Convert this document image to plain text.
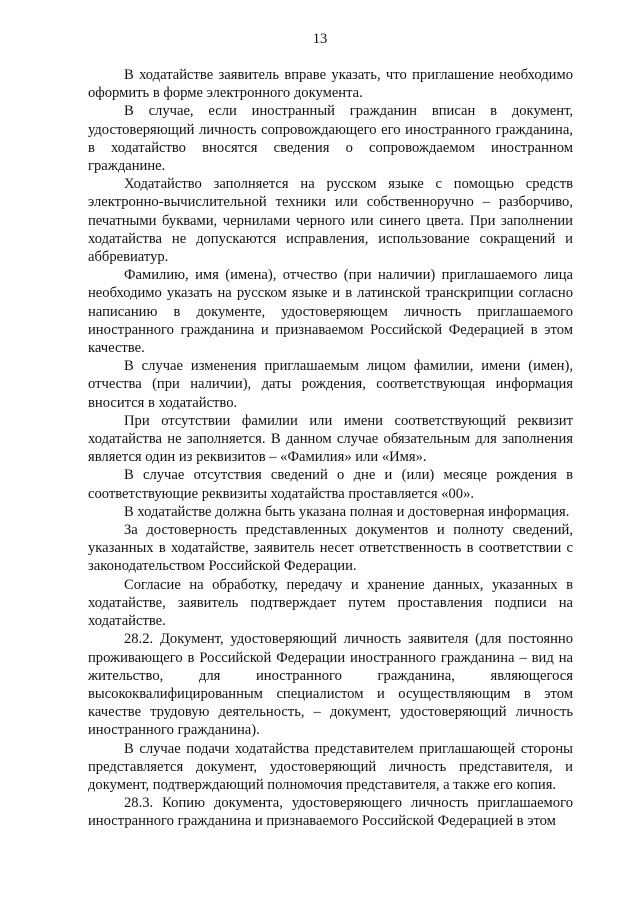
13

В ходатайстве заявитель вправе указать, что приглашение необходимо оформить в форме электронного документа.

В случае, если иностранный гражданин вписан в документ, удостоверяющий личность сопровождающего его иностранного гражданина, в ходатайство вносятся сведения о сопровождаемом иностранном гражданине.

Ходатайство заполняется на русском языке с помощью средств электронно-вычислительной техники или собственноручно – разборчиво, печатными буквами, чернилами черного или синего цвета. При заполнении ходатайства не допускаются исправления, использование сокращений и аббревиатур.

Фамилию, имя (имена), отчество (при наличии) приглашаемого лица необходимо указать на русском языке и в латинской транскрипции согласно написанию в документе, удостоверяющем личность приглашаемого иностранного гражданина и признаваемом Российской Федерацией в этом качестве.

В случае изменения приглашаемым лицом фамилии, имени (имен), отчества (при наличии), даты рождения, соответствующая информация вносится в ходатайство.

При отсутствии фамилии или имени соответствующий реквизит ходатайства не заполняется. В данном случае обязательным для заполнения является один из реквизитов – «Фамилия» или «Имя».

В случае отсутствия сведений о дне и (или) месяце рождения в соответствующие реквизиты ходатайства проставляется «00».

В ходатайстве должна быть указана полная и достоверная информация.

За достоверность представленных документов и полноту сведений, указанных в ходатайстве, заявитель несет ответственность в соответствии с законодательством Российской Федерации.

Согласие на обработку, передачу и хранение данных, указанных в ходатайстве, заявитель подтверждает путем проставления подписи на ходатайстве.

28.2. Документ, удостоверяющий личность заявителя (для постоянно проживающего в Российской Федерации иностранного гражданина – вид на жительство, для иностранного гражданина, являющегося высококвалифицированным специалистом и осуществляющим в этом качестве трудовую деятельность, – документ, удостоверяющий личность иностранного гражданина).

В случае подачи ходатайства представителем приглашающей стороны представляется документ, удостоверяющий личность представителя, и документ, подтверждающий полномочия представителя, а также его копия.

28.3. Копию документа, удостоверяющего личность приглашаемого иностранного гражданина и признаваемого Российской Федерацией в этом
